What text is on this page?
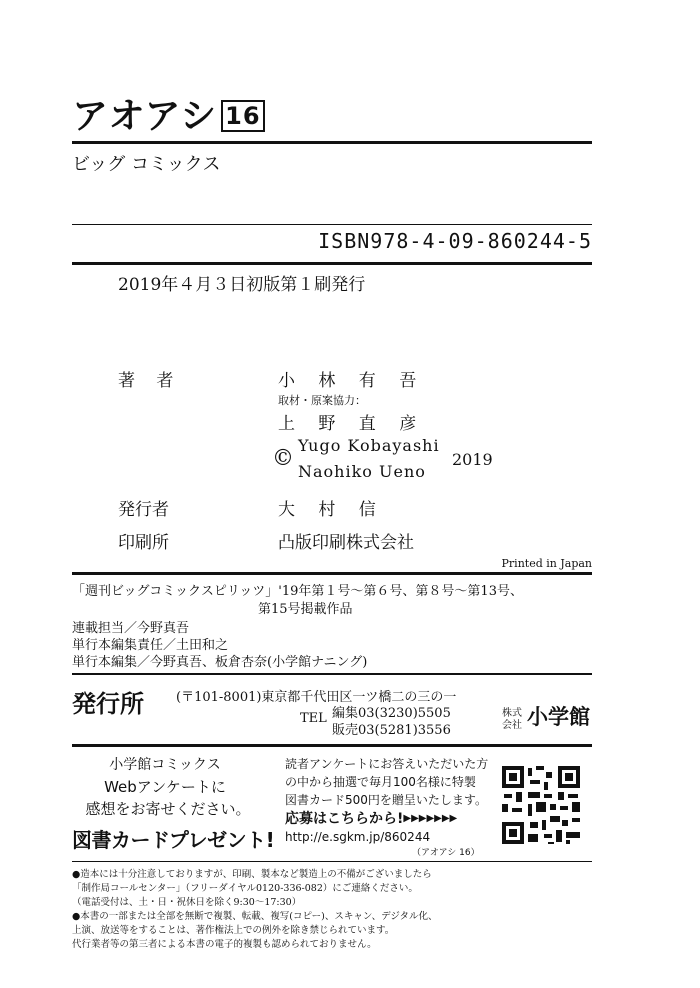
アオアシ 16
ビッグ コミックス
ISBN978-4-09-860244-5
2019年４月３日初版第１刷発行
著 者	小 林 有 吾
取材・原案協力：
上 野 直 彦
©
Yugo Kobayashi
Naohiko Ueno
2019
発行者	大 村 信
印刷所	凸版印刷株式会社
Printed in Japan
「週刊ビッグコミックスピリッツ」'19年第１号～第６号、第８号～第13号、
第15号掲載作品
連載担当／今野真吾
単行本編集責任／土田和之
単行本編集／今野真吾、板倉杏奈(小学館ナニング)
発行所 (〒101-8001)東京都千代田区一ツ橋二の三の一
TEL 編集03(3230)5505
販売03(5281)3556
株式
会社 小学館
小学館コミックス
Webアンケートに
感想をお寄せください。
図書カードプレゼント!
読者アンケートにお答えいただいた方
の中から抽選で毎月100名様に特製
図書カード500円を贈呈いたします。
応募はこちらから!▶▶▶▶▶▶▶
http://e.sgkm.jp/860244
（アオアシ 16）
●造本には十分注意しておりますが、印刷、製本など製造上の不備がございましたら
「制作局コールセンター」（フリーダイヤル0120-336-082）にご連絡ください。
（電話受付は、土・日・祝休日を除く9:30～17:30）
●本書の一部または全部を無断で複製、転載、複写(コピー)、スキャン、デジタル化、
上演、放送等をすることは、著作権法上での例外を除き禁じられています。
代行業者等の第三者による本書の電子的複製も認められておりません。
